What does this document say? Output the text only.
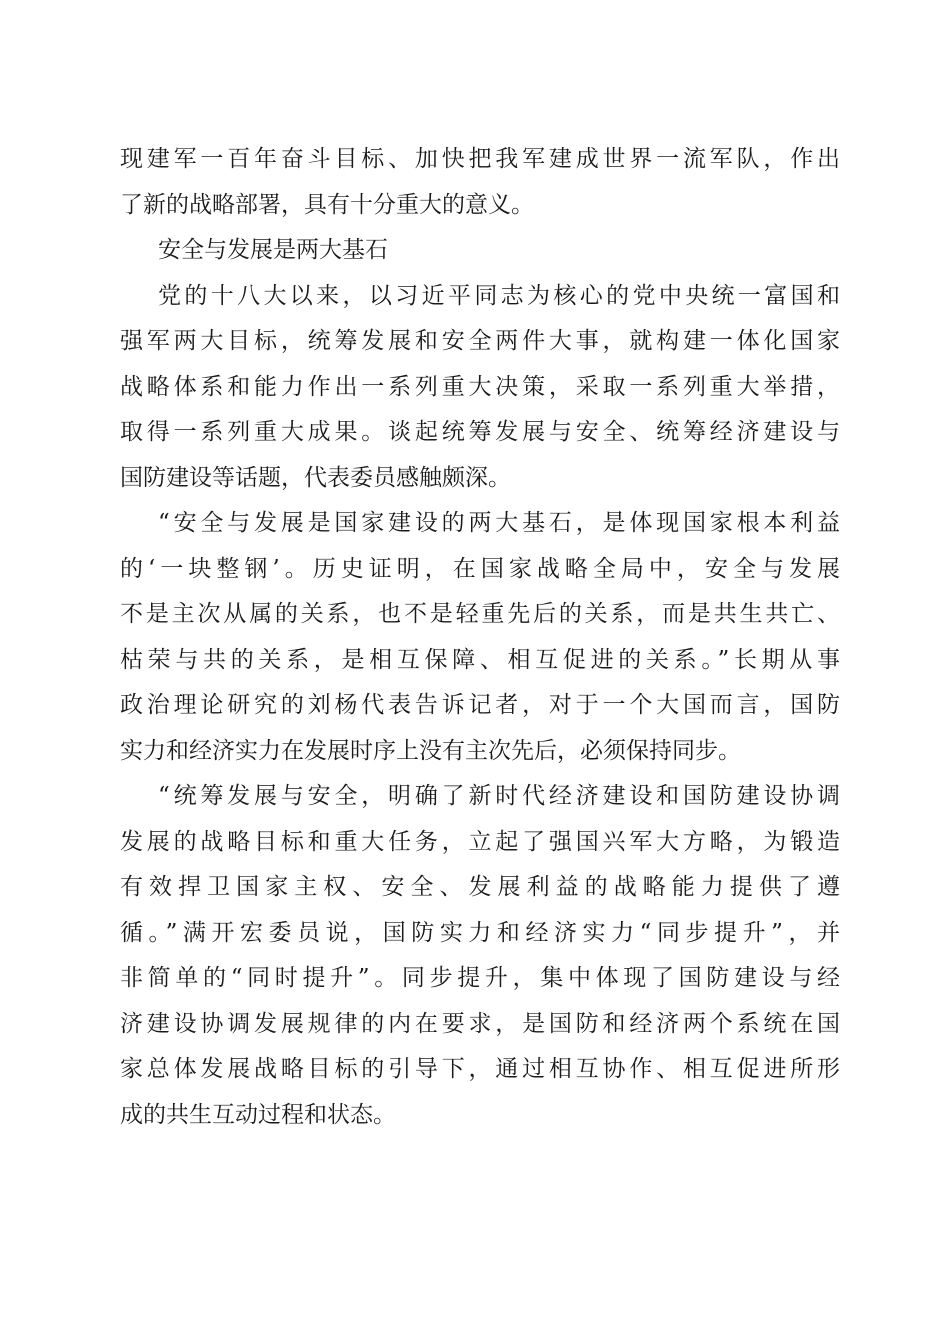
现建军一百年奋斗目标、加快把我军建成世界一流军队，作出
了新的战略部署，具有十分重大的意义。

安全与发展是两大基石

党的十八大以来，以习近平同志为核心的党中央统一富国和
强军两大目标，统筹发展和安全两件大事，就构建一体化国家
战略体系和能力作出一系列重大决策，采取一系列重大举措，
取得一系列重大成果。谈起统筹发展与安全、统筹经济建设与
国防建设等话题，代表委员感触颇深。

“安全与发展是国家建设的两大基石，是体现国家根本利益
的‘一块整钢’。历史证明，在国家战略全局中，安全与发展
不是主次从属的关系，也不是轻重先后的关系，而是共生共亡、
枯荣与共的关系，是相互保障、相互促进的关系。”长期从事
政治理论研究的刘杨代表告诉记者，对于一个大国而言，国防
实力和经济实力在发展时序上没有主次先后，必须保持同步。

“统筹发展与安全，明确了新时代经济建设和国防建设协调
发展的战略目标和重大任务，立起了强国兴军大方略，为锻造
有效捍卫国家主权、安全、发展利益的战略能力提供了遵
循。”满开宏委员说，国防实力和经济实力“同步提升”，并
非简单的“同时提升”。同步提升，集中体现了国防建设与经
济建设协调发展规律的内在要求，是国防和经济两个系统在国
家总体发展战略目标的引导下，通过相互协作、相互促进所形
成的共生互动过程和状态。
